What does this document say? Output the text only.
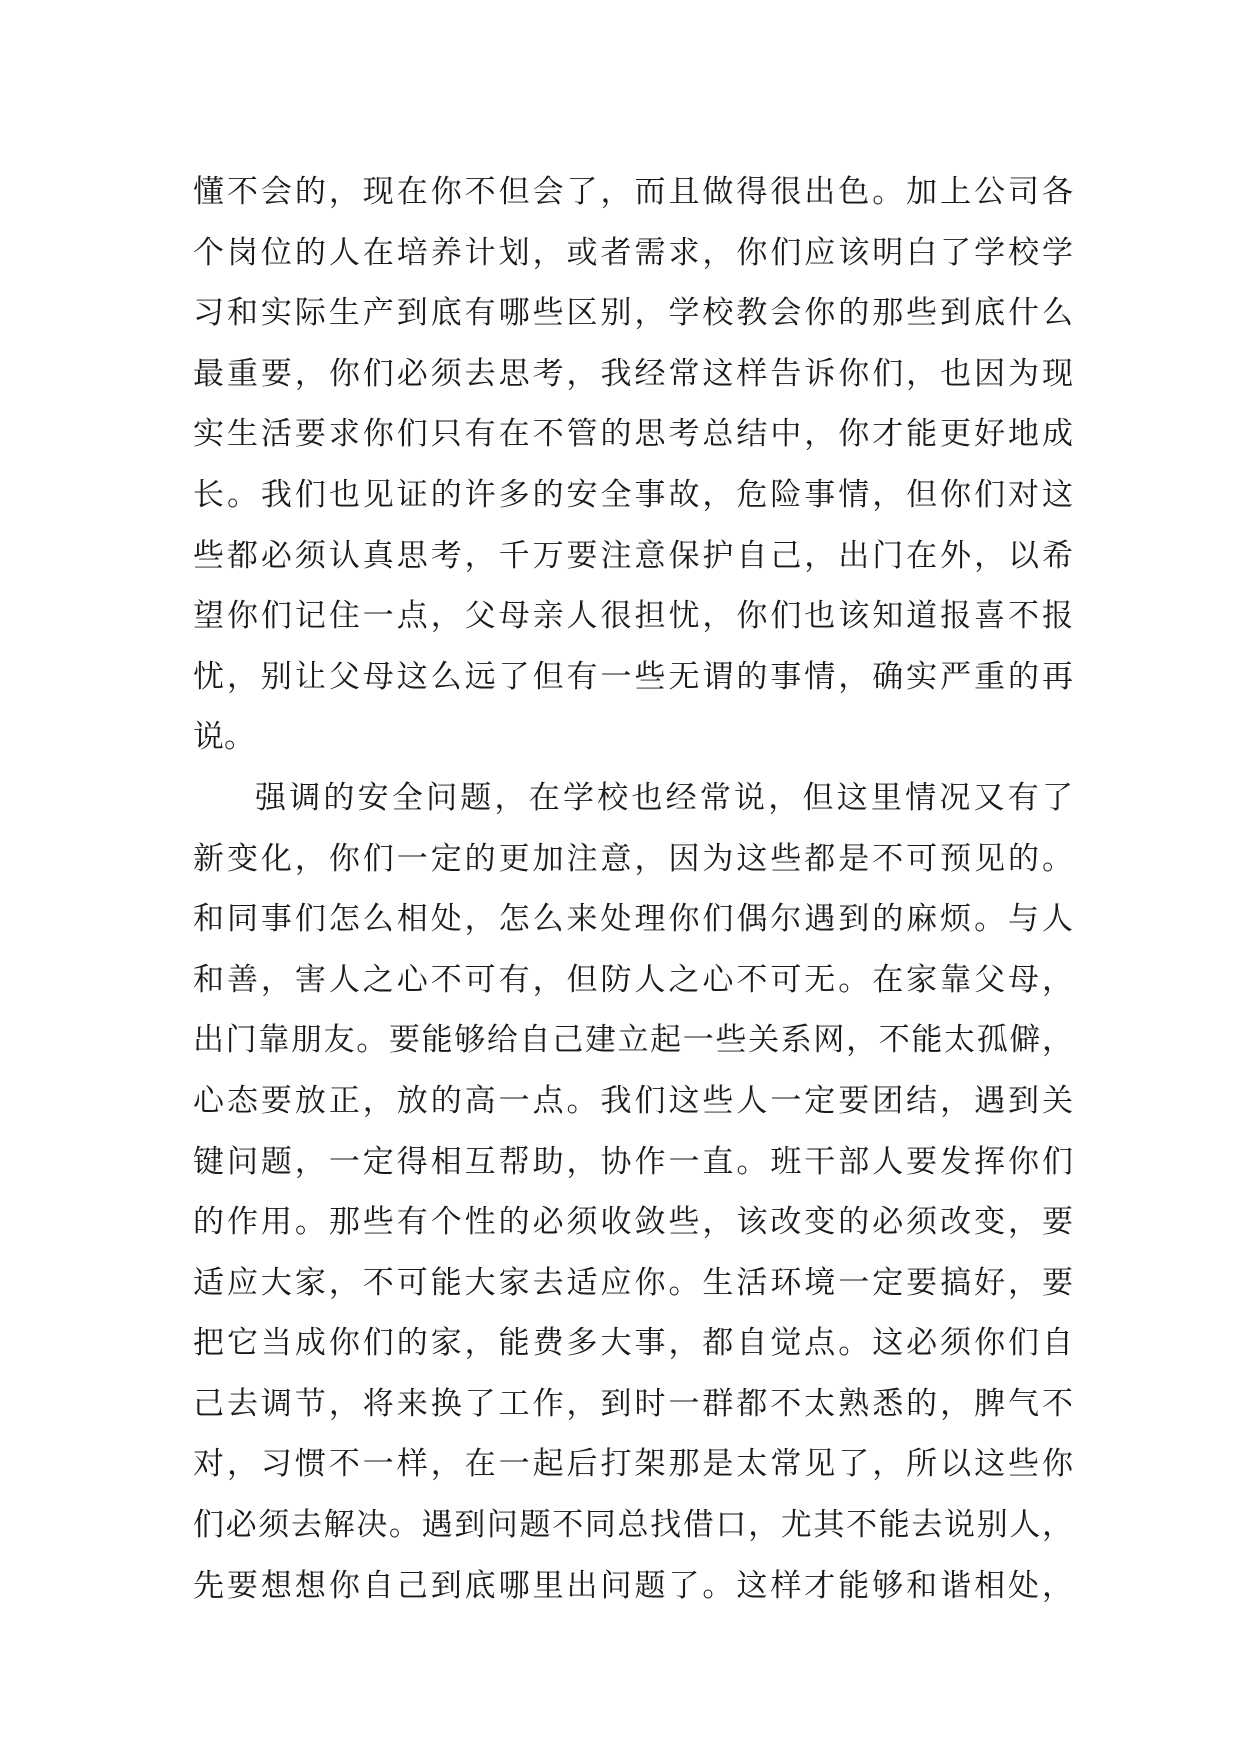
懂不会的，现在你不但会了，而且做得很出色。加上公司各
个岗位的人在培养计划，或者需求，你们应该明白了学校学
习和实际生产到底有哪些区别，学校教会你的那些到底什么
最重要，你们必须去思考，我经常这样告诉你们，也因为现
实生活要求你们只有在不管的思考总结中，你才能更好地成
长。我们也见证的许多的安全事故，危险事情，但你们对这
些都必须认真思考，千万要注意保护自己，出门在外，以希
望你们记住一点，父母亲人很担忧，你们也该知道报喜不报
忧，别让父母这么远了但有一些无谓的事情，确实严重的再
说。
强调的安全问题，在学校也经常说，但这里情况又有了
新变化，你们一定的更加注意，因为这些都是不可预见的。
和同事们怎么相处，怎么来处理你们偶尔遇到的麻烦。与人
和善，害人之心不可有，但防人之心不可无。在家靠父母，
出门靠朋友。要能够给自己建立起一些关系网，不能太孤僻，
心态要放正，放的高一点。我们这些人一定要团结，遇到关
键问题，一定得相互帮助，协作一直。班干部人要发挥你们
的作用。那些有个性的必须收敛些，该改变的必须改变，要
适应大家，不可能大家去适应你。生活环境一定要搞好，要
把它当成你们的家，能费多大事，都自觉点。这必须你们自
己去调节，将来换了工作，到时一群都不太熟悉的，脾气不
对，习惯不一样，在一起后打架那是太常见了，所以这些你
们必须去解决。遇到问题不同总找借口，尤其不能去说别人，
先要想想你自己到底哪里出问题了。这样才能够和谐相处，
